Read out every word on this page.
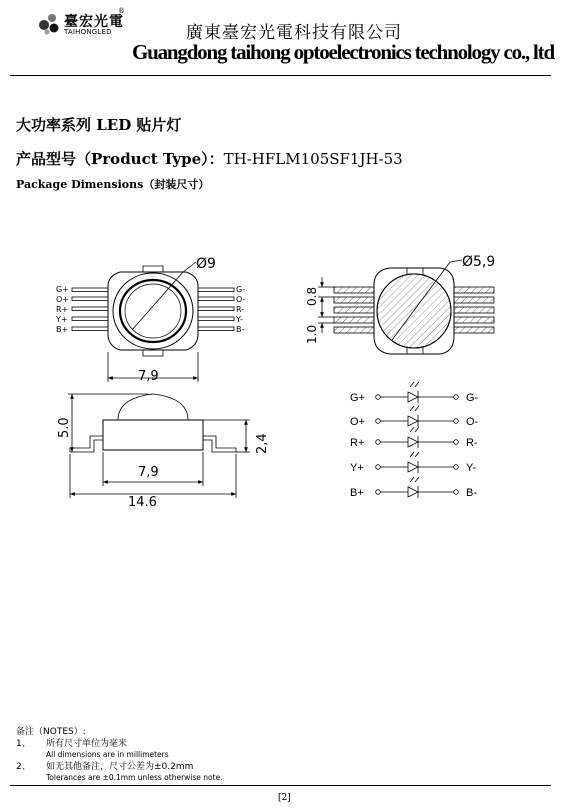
臺宏光電
®
TAIHONGLED	廣東臺宏光電科技有限公司
Guangdong taihong optoelectronics technology co., ltd
大功率系列 LED 贴片灯
产品型号（Product Type）：TH-HFLM105SF1JH-53
Package Dimensions（封装尺寸）
Ø9
7,9
G+
O+
R+
Y+
B+
G-
O-
R-
Y-
B-
5.0
2,4
7,9
14.6
Ø5,9
0.8
1.0
G+
O+
R+
Y+
B+
G-
O-
R-
Y-
B-
备注（NOTES）:
1、	所有尺寸单位为毫米
All dimensions are in millimeters
2、	如无其他备注，尺寸公差为±0.2mm
Tolerances are ±0.1mm unless otherwise note.
[2]
